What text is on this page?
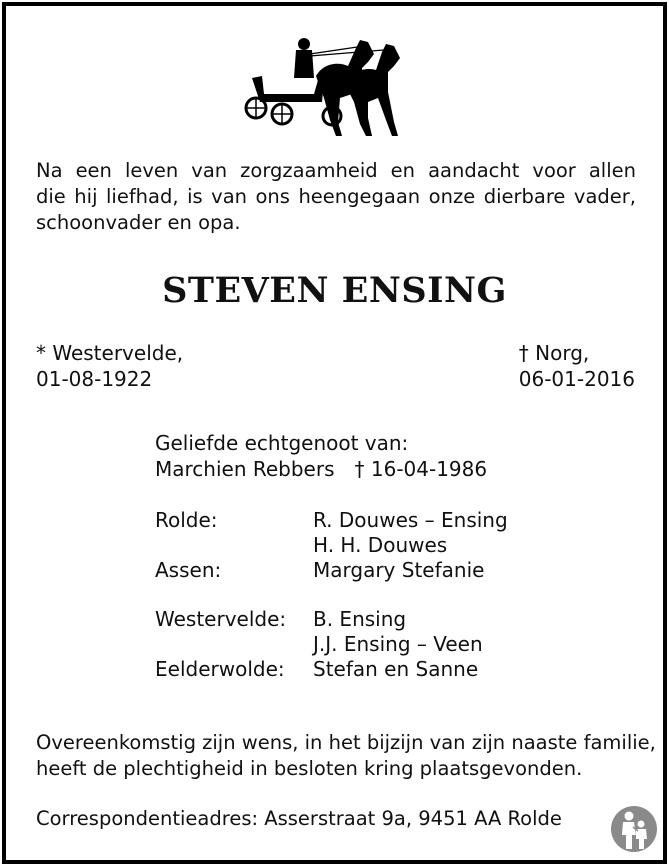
Na een leven van zorgzaamheid en aandacht voor allen
die hij liefhad, is van ons heengegaan onze dierbare vader,
schoonvader en opa.
STEVEN ENSING
* Westervelde,
01-08-1922
† Norg,
06-01-2016
Geliefde echtgenoot van:
Marchien Rebbers † 16-04-1986
Rolde:	R. Douwes – Ensing
H. H. Douwes
Assen:	Margary Stefanie
Westervelde:	B. Ensing
J.J. Ensing – Veen
Eelderwolde:	Stefan en Sanne
Overeenkomstig zijn wens, in het bijzijn van zijn naaste familie,
heeft de plechtigheid in besloten kring plaatsgevonden.
Correspondentieadres: Asserstraat 9a, 9451 AA Rolde
